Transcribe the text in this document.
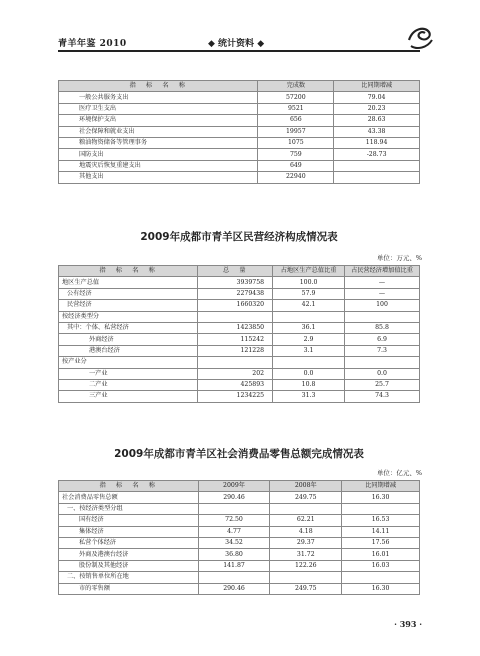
青羊年鉴 2010	◆ 统计资料 ◆
指　标　名　称	完成数	比同期增减
一般公共服务支出	57200	79.04
医疗卫生支出	9521	20.23
环境保护支出	656	28.63
社会保障和就业支出	19957	43.38
粮油物资储备等管理事务	1075	118.94
国防支出	759	-28.73
地震灾后恢复重建支出	649	
其他支出	22940	
2009年成都市青羊区民营经济构成情况表
单位：万元、%
指　标　名　称	总　量	占地区生产总值比重	占民营经济增加值比重
地区生产总值	3939758	100.0	—
公有经济	2279438	57.9	—
民营经济	1660320	42.1	100
按经济类型分			
其中：个体、私营经济	1423850	36.1	85.8
外商经济	115242	2.9	6.9
港澳台经济	121228	3.1	7.3
按产业分			
一产业	202	0.0	0.0
二产业	425893	10.8	25.7
三产业	1234225	31.3	74.3
2009年成都市青羊区社会消费品零售总额完成情况表
单位：亿元、%
指　标　名　称	2009年	2008年	比同期增减
社会消费品零售总额	290.46	249.75	16.30
一、按经济类型分组			
国有经济	72.50	62.21	16.53
集体经济	4.77	4.18	14.11
私营个体经济	34.52	29.37	17.56
外商及港澳台经济	36.80	31.72	16.01
股份制及其他经济	141.87	122.26	16.03
二、按销售单位所在地			
市的零售额	290.46	249.75	16.30
· 393 ·
